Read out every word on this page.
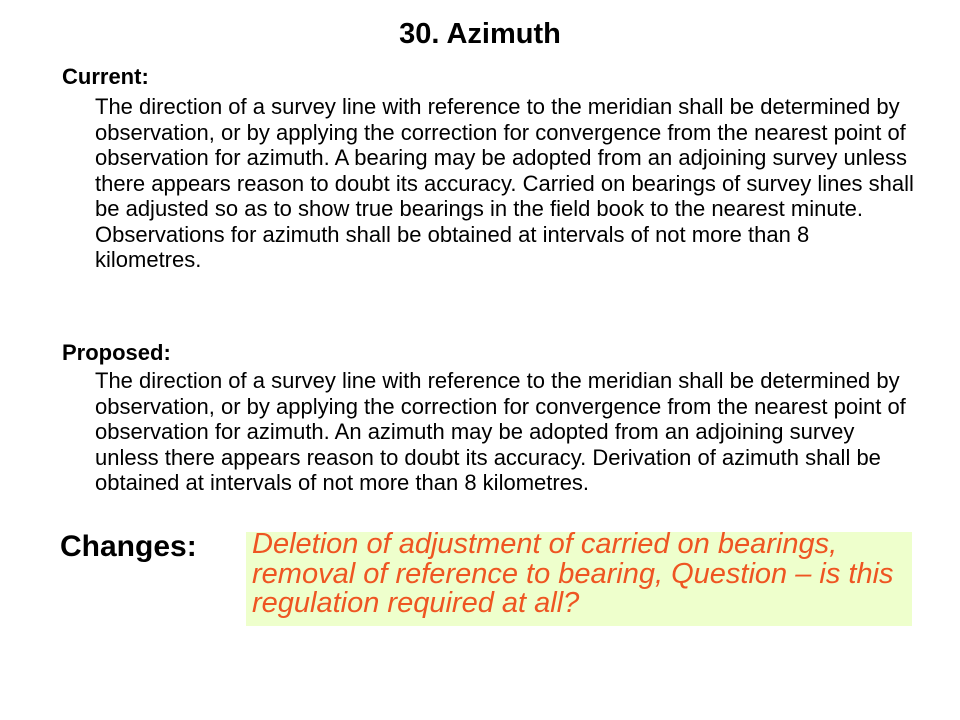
30. Azimuth
Current:
The direction of a survey line with reference to the meridian shall be determined by observation, or by applying the correction for convergence from the nearest point of observation for azimuth. A bearing may be adopted from an adjoining survey unless there appears reason to doubt its accuracy. Carried on bearings of survey lines shall be adjusted so as to show true bearings in the field book to the nearest minute. Observations for azimuth shall be obtained at intervals of not more than 8 kilometres.
Proposed:
The direction of a survey line with reference to the meridian shall be determined by observation, or by applying the correction for convergence from the nearest point of observation for azimuth. An azimuth may be adopted from an adjoining survey unless there appears reason to doubt its accuracy. Derivation of azimuth shall be obtained at intervals of not more than 8 kilometres.
Changes: Deletion of adjustment of carried on bearings, removal of reference to bearing, Question – is this regulation required at all?
